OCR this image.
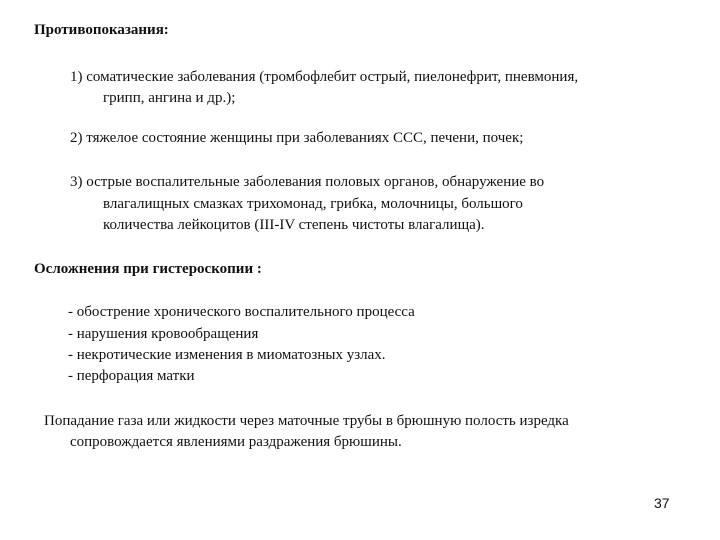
Противопоказания:
1) соматические заболевания (тромбофлебит острый, пиелонефрит, пневмония,
грипп, ангина и др.);
2) тяжелое состояние женщины при заболеваниях ССС, печени, почек;
3) острые воспалительные заболевания половых органов, обнаружение во
влагалищных смазках трихомонад, грибка, молочницы, большого
количества лейкоцитов (III-IV степень чистоты влагалища).
Осложнения при гистероскопии :
- обострение хронического воспалительного процесса
- нарушения кровообращения
- некротические изменения в миоматозных узлах.
- перфорация матки
Попадание газа или жидкости через маточные трубы в брюшную полость изредка
сопровождается явлениями раздражения брюшины.
37
